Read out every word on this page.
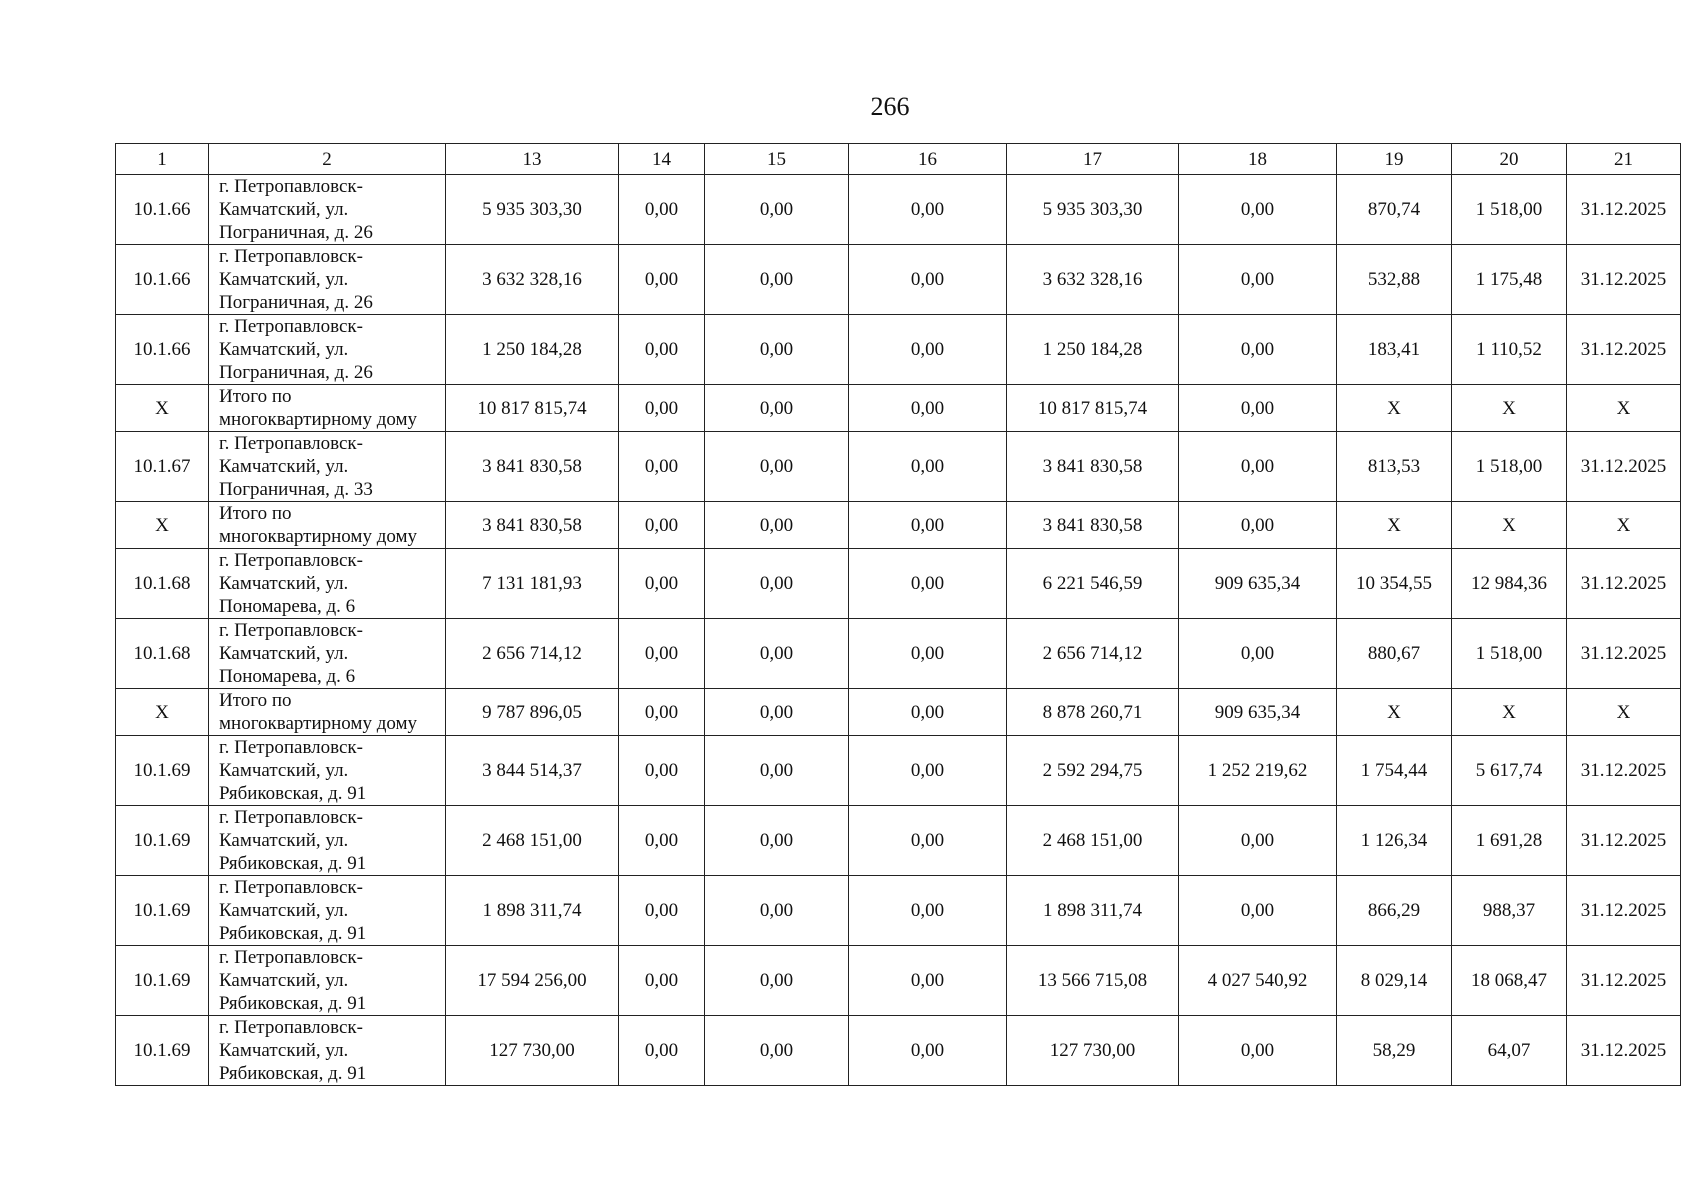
266
1	2	13	14	15	16	17	18	19	20	21
10.1.66	г. Петропавловск-
Камчатский, ул.
Пограничная, д. 26	5 935 303,30	0,00	0,00	0,00	5 935 303,30	0,00	870,74	1 518,00	31.12.2025
10.1.66	г. Петропавловск-
Камчатский, ул.
Пограничная, д. 26	3 632 328,16	0,00	0,00	0,00	3 632 328,16	0,00	532,88	1 175,48	31.12.2025
10.1.66	г. Петропавловск-
Камчатский, ул.
Пограничная, д. 26	1 250 184,28	0,00	0,00	0,00	1 250 184,28	0,00	183,41	1 110,52	31.12.2025
Х	Итого по
многоквартирному дому	10 817 815,74	0,00	0,00	0,00	10 817 815,74	0,00	Х	Х	Х
10.1.67	г. Петропавловск-
Камчатский, ул.
Пограничная, д. 33	3 841 830,58	0,00	0,00	0,00	3 841 830,58	0,00	813,53	1 518,00	31.12.2025
Х	Итого по
многоквартирному дому	3 841 830,58	0,00	0,00	0,00	3 841 830,58	0,00	Х	Х	Х
10.1.68	г. Петропавловск-
Камчатский, ул.
Пономарева, д. 6	7 131 181,93	0,00	0,00	0,00	6 221 546,59	909 635,34	10 354,55	12 984,36	31.12.2025
10.1.68	г. Петропавловск-
Камчатский, ул.
Пономарева, д. 6	2 656 714,12	0,00	0,00	0,00	2 656 714,12	0,00	880,67	1 518,00	31.12.2025
Х	Итого по
многоквартирному дому	9 787 896,05	0,00	0,00	0,00	8 878 260,71	909 635,34	Х	Х	Х
10.1.69	г. Петропавловск-
Камчатский, ул.
Рябиковская, д. 91	3 844 514,37	0,00	0,00	0,00	2 592 294,75	1 252 219,62	1 754,44	5 617,74	31.12.2025
10.1.69	г. Петропавловск-
Камчатский, ул.
Рябиковская, д. 91	2 468 151,00	0,00	0,00	0,00	2 468 151,00	0,00	1 126,34	1 691,28	31.12.2025
10.1.69	г. Петропавловск-
Камчатский, ул.
Рябиковская, д. 91	1 898 311,74	0,00	0,00	0,00	1 898 311,74	0,00	866,29	988,37	31.12.2025
10.1.69	г. Петропавловск-
Камчатский, ул.
Рябиковская, д. 91	17 594 256,00	0,00	0,00	0,00	13 566 715,08	4 027 540,92	8 029,14	18 068,47	31.12.2025
10.1.69	г. Петропавловск-
Камчатский, ул.
Рябиковская, д. 91	127 730,00	0,00	0,00	0,00	127 730,00	0,00	58,29	64,07	31.12.2025
